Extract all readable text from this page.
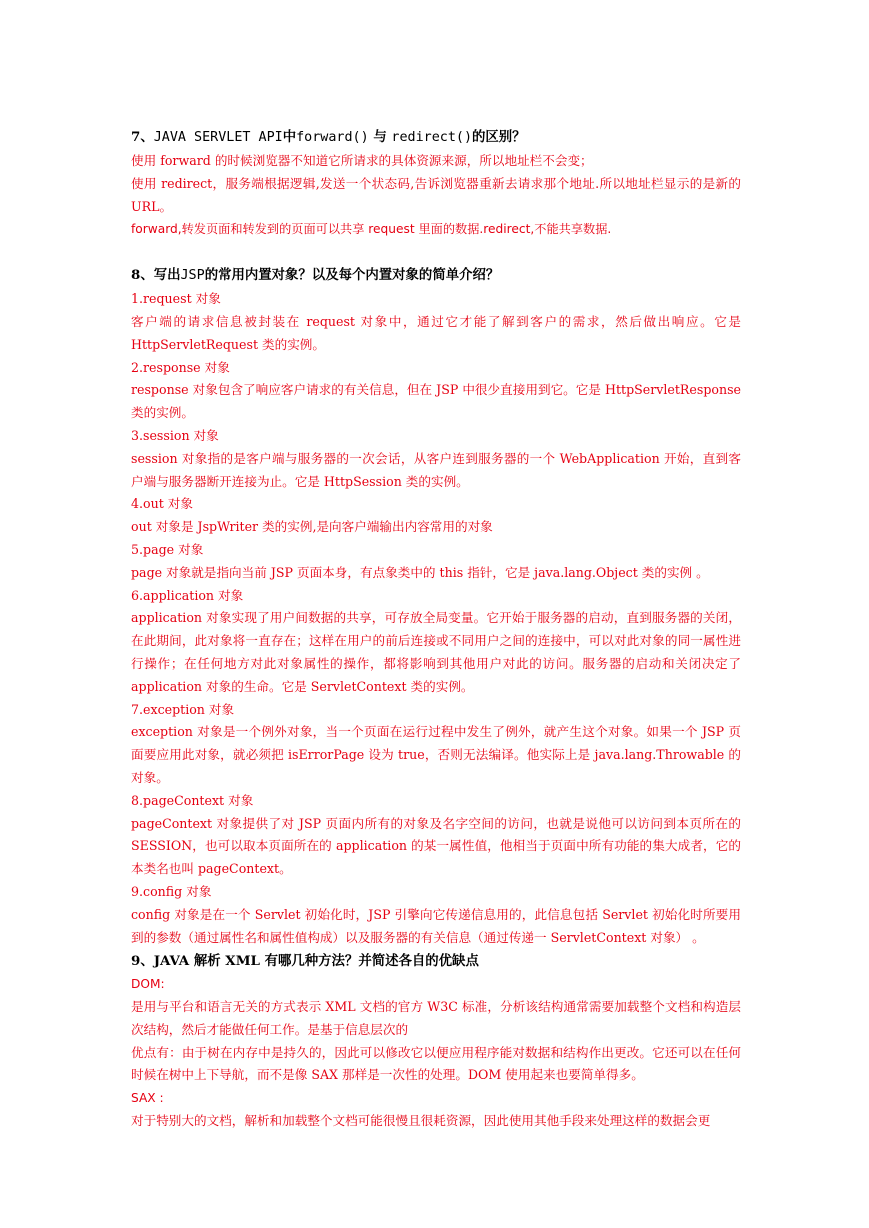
7、JAVA SERVLET API中forward() 与 redirect()的区别？

使用 forward 的时候浏览器不知道它所请求的具体资源来源，所以地址栏不会变；

使用 redirect，服务端根据逻辑,发送一个状态码,告诉浏览器重新去请求那个地址.所以地址栏显示的是新的 URL。

forward,转发页面和转发到的页面可以共享 request 里面的数据.redirect,不能共享数据.

8、写出JSP的常用内置对象？以及每个内置对象的简单介绍？

1.request 对象

客户端的请求信息被封装在 request 对象中，通过它才能了解到客户的需求，然后做出响应。它是 HttpServletRequest 类的实例。

2.response 对象

response 对象包含了响应客户请求的有关信息，但在 JSP 中很少直接用到它。它是 HttpServletResponse 类的实例。

3.session 对象

session 对象指的是客户端与服务器的一次会话，从客户连到服务器的一个 WebApplication 开始，直到客户端与服务器断开连接为止。它是 HttpSession 类的实例。

4.out 对象

out 对象是 JspWriter 类的实例,是向客户端输出内容常用的对象

5.page 对象

page 对象就是指向当前 JSP 页面本身，有点象类中的 this 指针，它是 java.lang.Object 类的实例 。

6.application 对象

application 对象实现了用户间数据的共享，可存放全局变量。它开始于服务器的启动，直到服务器的关闭，在此期间，此对象将一直存在；这样在用户的前后连接或不同用户之间的连接中，可以对此对象的同一属性进行操作；在任何地方对此对象属性的操作，都将影响到其他用户对此的访问。服务器的启动和关闭决定了 application 对象的生命。它是 ServletContext 类的实例。

7.exception 对象

exception 对象是一个例外对象，当一个页面在运行过程中发生了例外，就产生这个对象。如果一个 JSP 页面要应用此对象，就必须把 isErrorPage 设为 true，否则无法编译。他实际上是 java.lang.Throwable 的对象。

8.pageContext 对象

pageContext 对象提供了对 JSP 页面内所有的对象及名字空间的访问，也就是说他可以访问到本页所在的 SESSION，也可以取本页面所在的 application 的某一属性值，他相当于页面中所有功能的集大成者，它的本类名也叫 pageContext。

9.config 对象

config 对象是在一个 Servlet 初始化时，JSP 引擎向它传递信息用的，此信息包括 Servlet 初始化时所要用到的参数（通过属性名和属性值构成）以及服务器的有关信息（通过传递一 ServletContext 对象） 。

9、JAVA 解析 XML 有哪几种方法？并简述各自的优缺点

DOM:

是用与平台和语言无关的方式表示 XML 文档的官方 W3C 标准，分析该结构通常需要加载整个文档和构造层次结构，然后才能做任何工作。是基于信息层次的

优点有：由于树在内存中是持久的，因此可以修改它以便应用程序能对数据和结构作出更改。它还可以在任何时候在树中上下导航，而不是像 SAX 那样是一次性的处理。DOM 使用起来也要简单得多。

SAX :

对于特别大的文档，解析和加载整个文档可能很慢且很耗资源，因此使用其他手段来处理这样的数据会更
